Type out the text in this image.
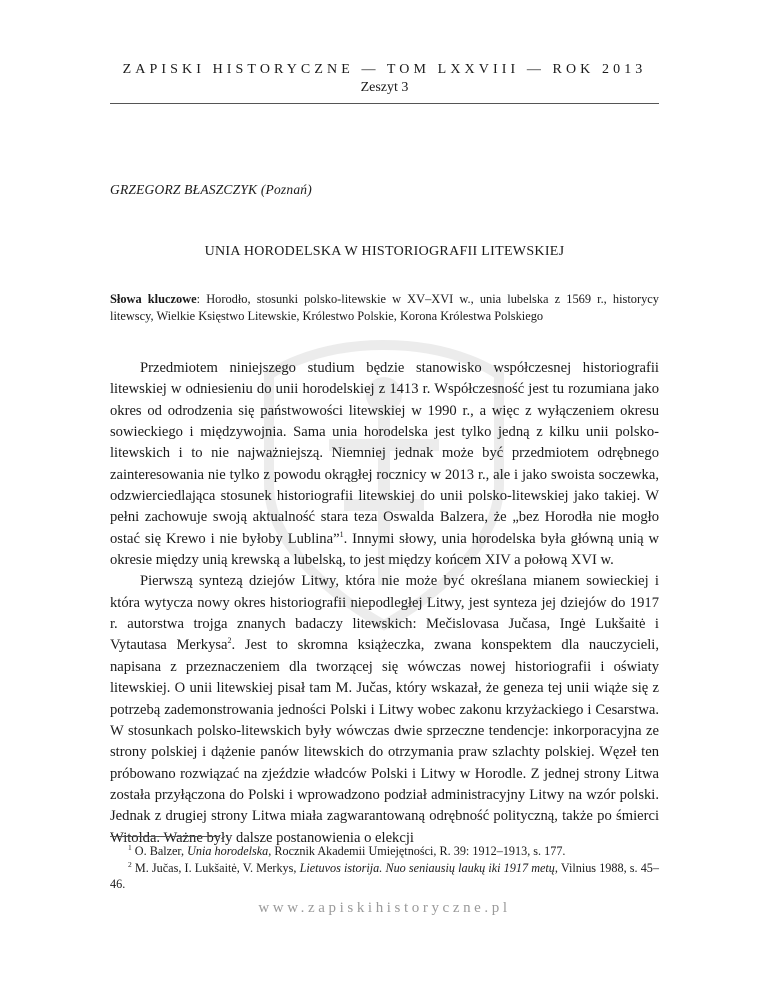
ZAPISKI HISTORYCZNE — TOM LXXVIII — ROK 2013
Zeszyt 3
GRZEGORZ BŁASZCZYK (Poznań)
UNIA HORODELSKA W HISTORIOGRAFII LITEWSKIEJ
Słowa kluczowe: Horodło, stosunki polsko-litewskie w XV–XVI w., unia lubelska z 1569 r., historycy litewscy, Wielkie Księstwo Litewskie, Królestwo Polskie, Korona Królestwa Polskiego

Przedmiotem niniejszego studium będzie stanowisko współczesnej historiografii litewskiej w odniesieniu do unii horodelskiej z 1413 r. Współczesność jest tu rozumiana jako okres od odrodzenia się państwowości litewskiej w 1990 r., a więc z wyłączeniem okresu sowieckiego i międzywojnia. Sama unia horodelska jest tylko jedną z kilku unii polsko-litewskich i to nie najważniejszą. Niemniej jednak może być przedmiotem odrębnego zainteresowania nie tylko z powodu okrągłej rocznicy w 2013 r., ale i jako swoista soczewka, odzwierciedlająca stosunek historiografii litewskiej do unii polsko-litewskiej jako takiej. W pełni zachowuje swoją aktualność stara teza Oswalda Balzera, że „bez Horodła nie mogło ostać się Krewo i nie byłoby Lublina”$^1$. Innymi słowy, unia horodelska była główną unią w okresie między unią krewską a lubelską, to jest między końcem XIV a połową XVI w.

Pierwszą syntezą dziejów Litwy, która nie może być określana mianem sowieckiej i która wytycza nowy okres historiografii niepodległej Litwy, jest synteza jej dziejów do 1917 r. autorstwa trojga znanych badaczy litewskich: Mečislovasa Jučasa, Ingė Lukšaitė i Vytautasa Merkysa$^2$. Jest to skromna książeczka, zwana konspektem dla nauczycieli, napisana z przeznaczeniem dla tworzącej się wówczas nowej historiografii i oświaty litewskiej. O unii litewskiej pisał tam M. Jučas, który wskazał, że geneza tej unii wiąże się z potrzebą zademonstrowania jedności Polski i Litwy wobec zakonu krzyżackiego i Cesarstwa. W stosunkach polsko-litewskich były wówczas dwie sprzeczne tendencje: inkorporacyjna ze strony polskiej i dążenie panów litewskich do otrzymania praw szlachty polskiej. Węzeł ten próbowano rozwiązać na zjeździe władców Polski i Litwy w Horodle. Z jednej strony Litwa została przyłączona do Polski i wprowadzono podział administracyjny Litwy na wzór polski. Jednak z drugiej strony Litwa miała zagwarantowaną odrębność polityczną, także po śmierci Witolda. Ważne były dalsze postanowienia o elekcji

$^1$ O. Balzer, Unia horodelska, Rocznik Akademii Umiejętności, R. 39: 1912–1913, s. 177.

$^2$ M. Jučas, I. Lukšaitė, V. Merkys, Lietuvos istorija. Nuo seniausių laukų iki 1917 metų, Vilnius 1988, s. 45–46.

www.zapiskihistoryczne.pl
